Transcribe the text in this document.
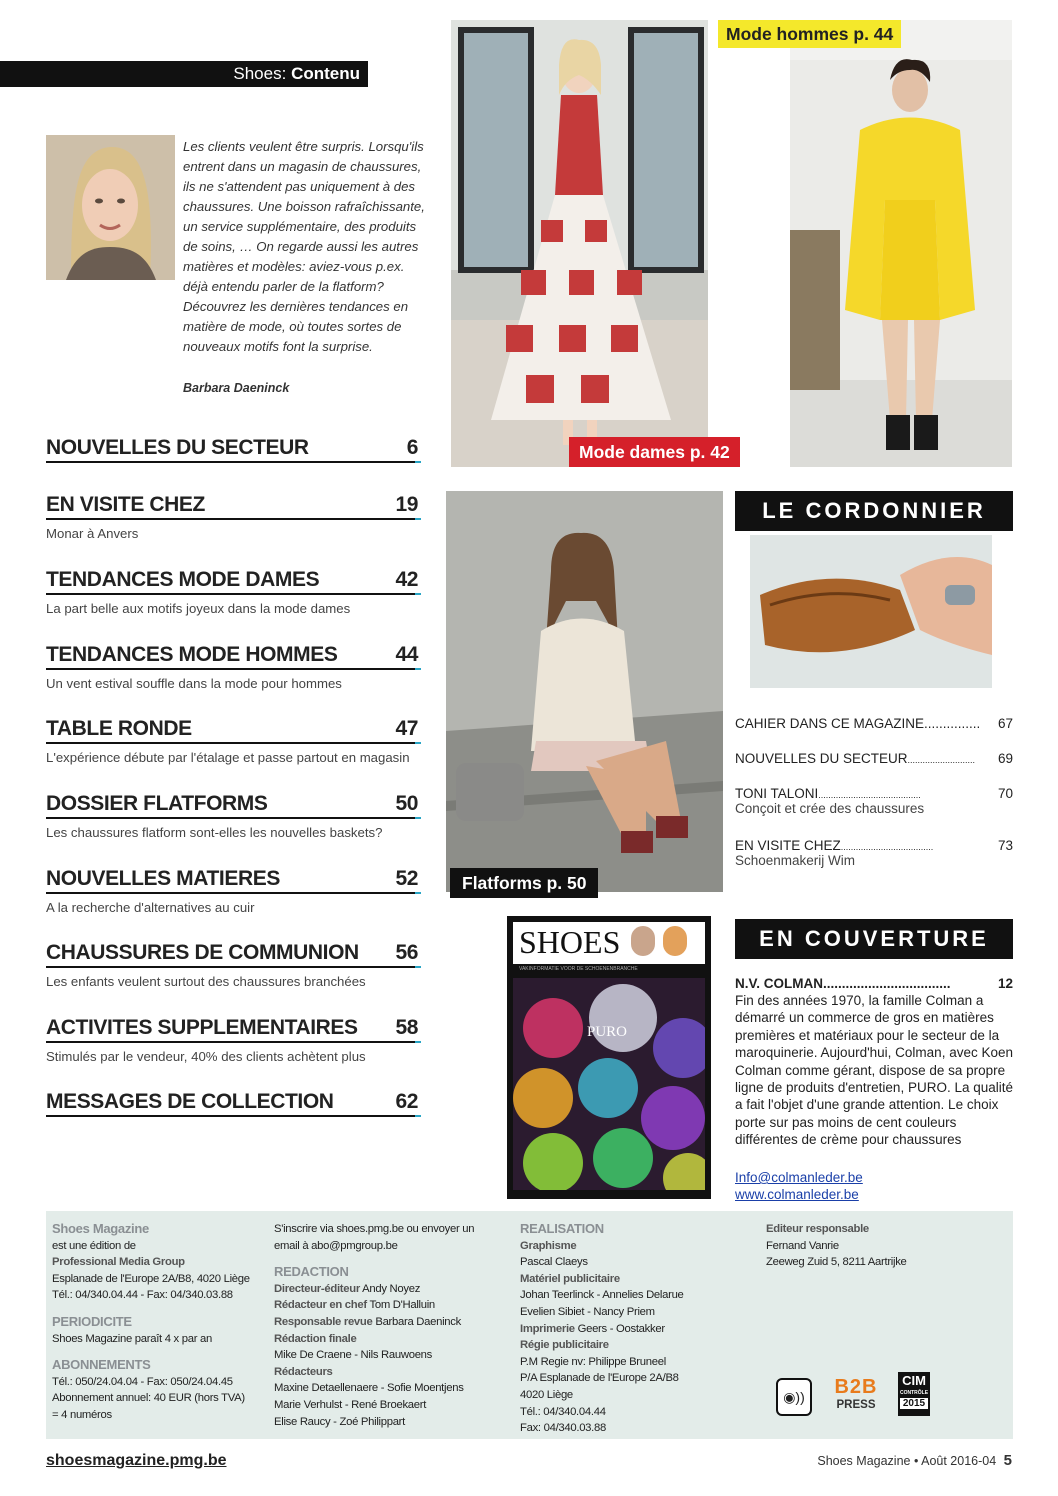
Shoes: Contenu
Les clients veulent être surpris. Lorsqu'ils entrent dans un magasin de chaussures, ils ne s'attendent pas uniquement à des chaussures. Une boisson rafraîchissante, un service supplémentaire, des produits de soins, … On regarde aussi les autres matières et modèles: aviez-vous p.ex. déjà entendu parler de la flatform? Découvrez les dernières tendances en matière de mode, où toutes sortes de nouveaux motifs font la surprise.
Barbara Daeninck
NOUVELLES DU SECTEUR	6
EN VISITE CHEZ	19
Monar à Anvers
TENDANCES MODE DAMES	42
La part belle aux motifs joyeux dans la mode dames
TENDANCES MODE HOMMES	44
Un vent estival souffle dans la mode pour hommes
TABLE RONDE	47
L'expérience débute par l'étalage et passe partout en magasin
DOSSIER FLATFORMS	50
Les chaussures flatform sont-elles les nouvelles baskets?
NOUVELLES MATIERES	52
A la recherche d'alternatives au cuir
CHAUSSURES DE COMMUNION 56
Les enfants veulent surtout des chaussures branchées
ACTIVITES SUPPLEMENTAIRES 58
Stimulés par le vendeur, 40% des clients achètent plus
MESSAGES DE COLLECTION	62
Mode dames p. 42
Mode hommes p. 44
Flatforms p. 50
LE CORDONNIER
CAHIER DANS CE MAGAZINE............... 67
NOUVELLES DU SECTEUR........................... 69
TONI TALONI.........................................	70
Conçoit et crée des chaussures
EN VISITE CHEZ.....................................	73
Schoenmakerij Wim
SHOES
VAKINFORMATIE VOOR DE SCHOENENBRANCHE
PURO
EN COUVERTURE
N.V. COLMAN..................................	12
Fin des années 1970, la famille Colman a démarré un commerce de gros en matières premières et matériaux pour le secteur de la maroquinerie. Aujourd'hui, Colman, avec Koen Colman comme gérant, dispose de sa propre ligne de produits d'entretien, PURO. La qualité a fait l'objet d'une grande attention. Le choix porte sur pas moins de cent couleurs différentes de crème pour chaussures
Info@colmanleder.be
www.colmanleder.be
Shoes Magazine
est une édition de
Professional Media Group
Esplanade de l'Europe 2A/B8, 4020 Liège
Tél.: 04/340.04.44 - Fax: 04/340.03.88
PERIODICITE
Shoes Magazine paraît 4 x par an
ABONNEMENTS
Tél.: 050/24.04.04 - Fax: 050/24.04.45
Abonnement annuel: 40 EUR (hors TVA)
= 4 numéros
S'inscrire via shoes.pmg.be ou envoyer un email à abo@pmgroup.be
REDACTION
Directeur-éditeur Andy Noyez
Rédacteur en chef Tom D'Halluin
Responsable revue Barbara Daeninck
Rédaction finale
Mike De Craene - Nils Rauwoens
Rédacteurs
Maxine Detaellenaere - Sofie Moentjens
Marie Verhulst - René Broekaert
Elise Raucy - Zoé Philippart
REALISATION
Graphisme
Pascal Claeys
Matériel publicitaire
Johan Teerlinck - Annelies Delarue
Evelien Sibiet - Nancy Priem
Imprimerie Geers - Oostakker
Régie publicitaire
P.M Regie nv: Philippe Bruneel
P/A Esplanade de l'Europe 2A/B8
4020 Liège
Tél.: 04/340.04.44
Fax: 04/340.03.88
Editeur responsable
Fernand Vanrie
Zeeweg Zuid 5, 8211 Aartrijke
◉))	B2B
PRESS
CIM
CONTRÔLE
2015
shoesmagazine.pmg.be	Shoes Magazine • Août 2016-04 5
